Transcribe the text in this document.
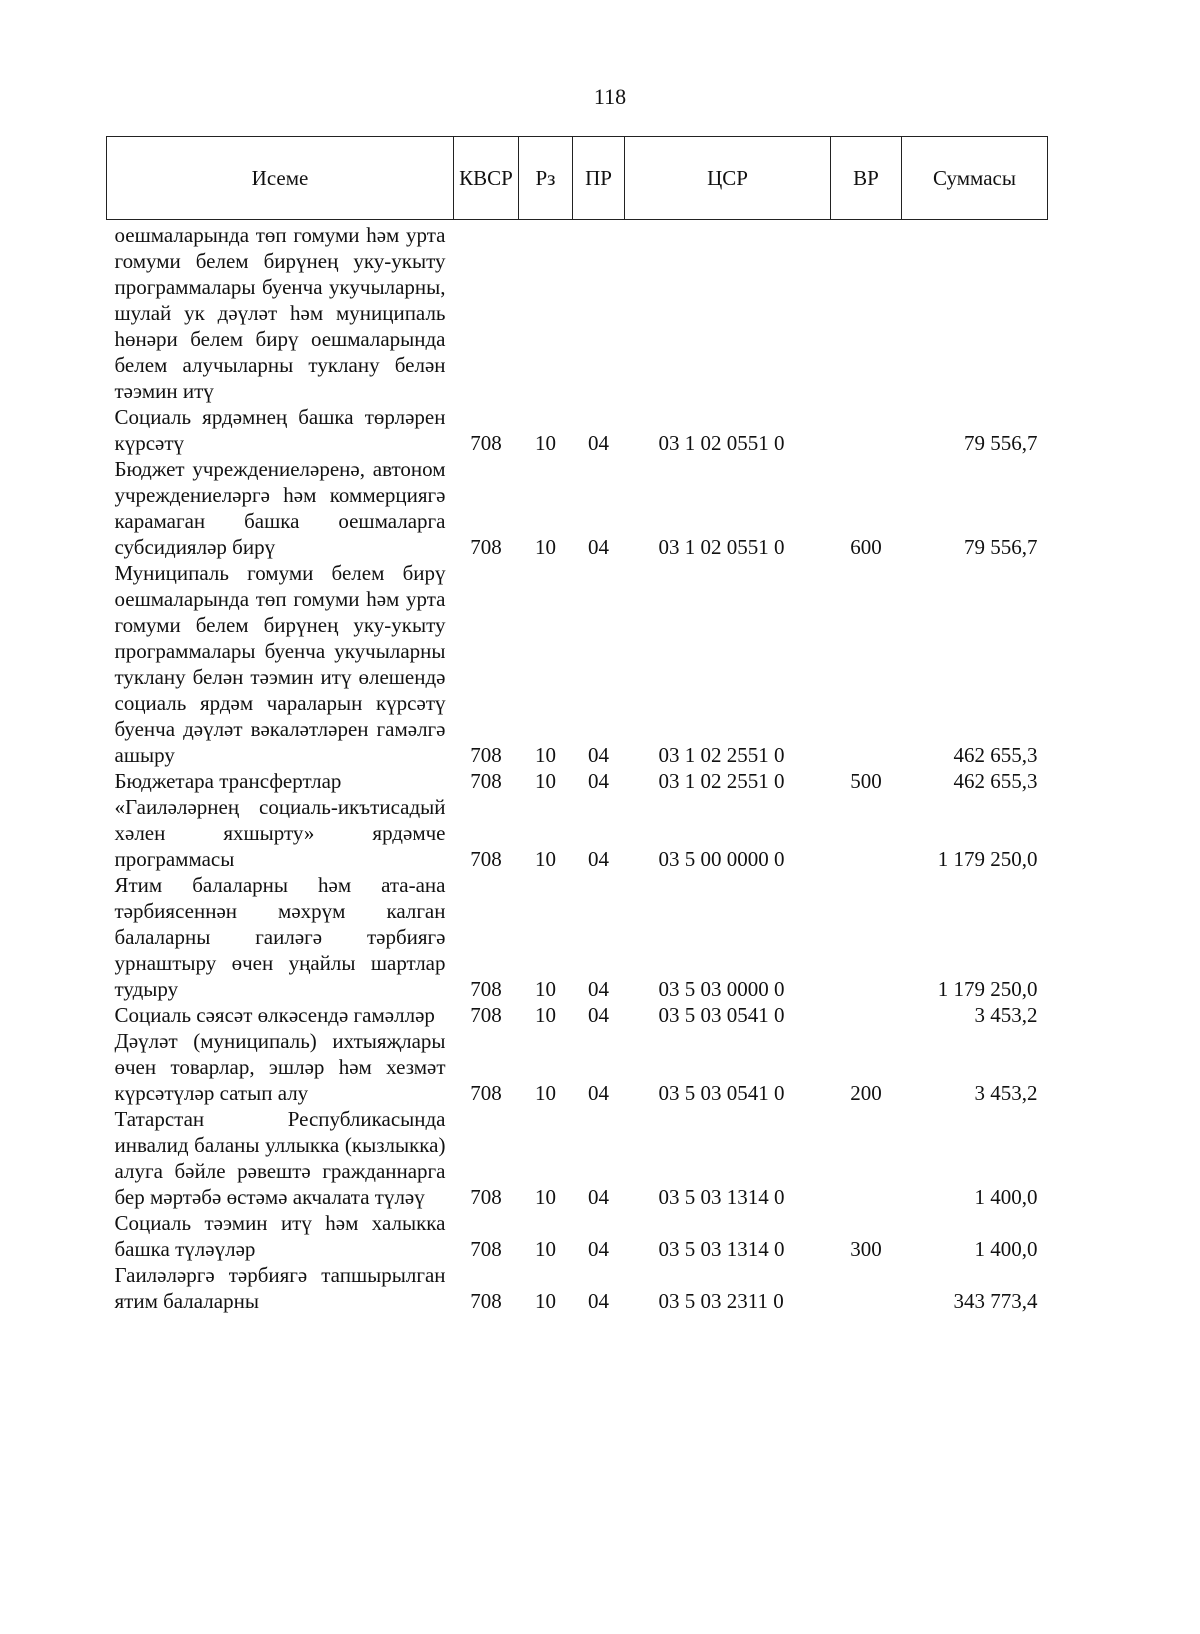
118
Исеме	КВСР	Рз	ПР	ЦСР	ВР	Суммасы
оешмаларында төп гомуми һәм урта гомуми белем бирүнең уку-укыту программалары буенча укучыларны, шулай ук дәүләт һәм муниципаль һөнәри белем бирү оешмаларында белем алучыларны туклану белән тәэмин итү						
Социаль ярдәмнең башка төрләрен күрсәтү	708	10	04	03 1 02 0551 0		79 556,7
Бюджет учреждениеләренә, автоном учреждениеләргә һәм коммерциягә карамаган башка оешмаларга субсидияләр бирү	708	10	04	03 1 02 0551 0	600	79 556,7
Муниципаль гомуми белем бирү оешмаларында төп гомуми һәм урта гомуми белем бирүнең уку-укыту программалары буенча укучыларны туклану белән тәэмин итү өлешендә социаль ярдәм чараларын күрсәтү буенча дәүләт вәкаләтләрен гамәлгә ашыру	708	10	04	03 1 02 2551 0		462 655,3
Бюджетара трансфертлар	708	10	04	03 1 02 2551 0	500	462 655,3
«Гаиләләрнең социаль-икътисадый хәлен яхшырту» ярдәмче программасы	708	10	04	03 5 00 0000 0		1 179 250,0
Ятим балаларны һәм ата-ана тәрбиясеннән мәхрүм калган балаларны гаиләгә тәрбиягә урнаштыру өчен уңайлы шартлар тудыру	708	10	04	03 5 03 0000 0		1 179 250,0
Социаль сәясәт өлкәсендә гамәлләр	708	10	04	03 5 03 0541 0		3 453,2
Дәүләт (муниципаль) ихтыяҗлары өчен товарлар, эшләр һәм хезмәт күрсәтүләр сатып алу	708	10	04	03 5 03 0541 0	200	3 453,2
Татарстан Республикасында инвалид баланы уллыкка (кызлыкка) алуга бәйле рәвештә гражданнарга бер мәртәбә өстәмә акчалата түләү	708	10	04	03 5 03 1314 0		1 400,0
Социаль тәэмин итү һәм халыкка башка түләүләр	708	10	04	03 5 03 1314 0	300	1 400,0
Гаиләләргә тәрбиягә тапшырылган ятим балаларны	708	10	04	03 5 03 2311 0		343 773,4
